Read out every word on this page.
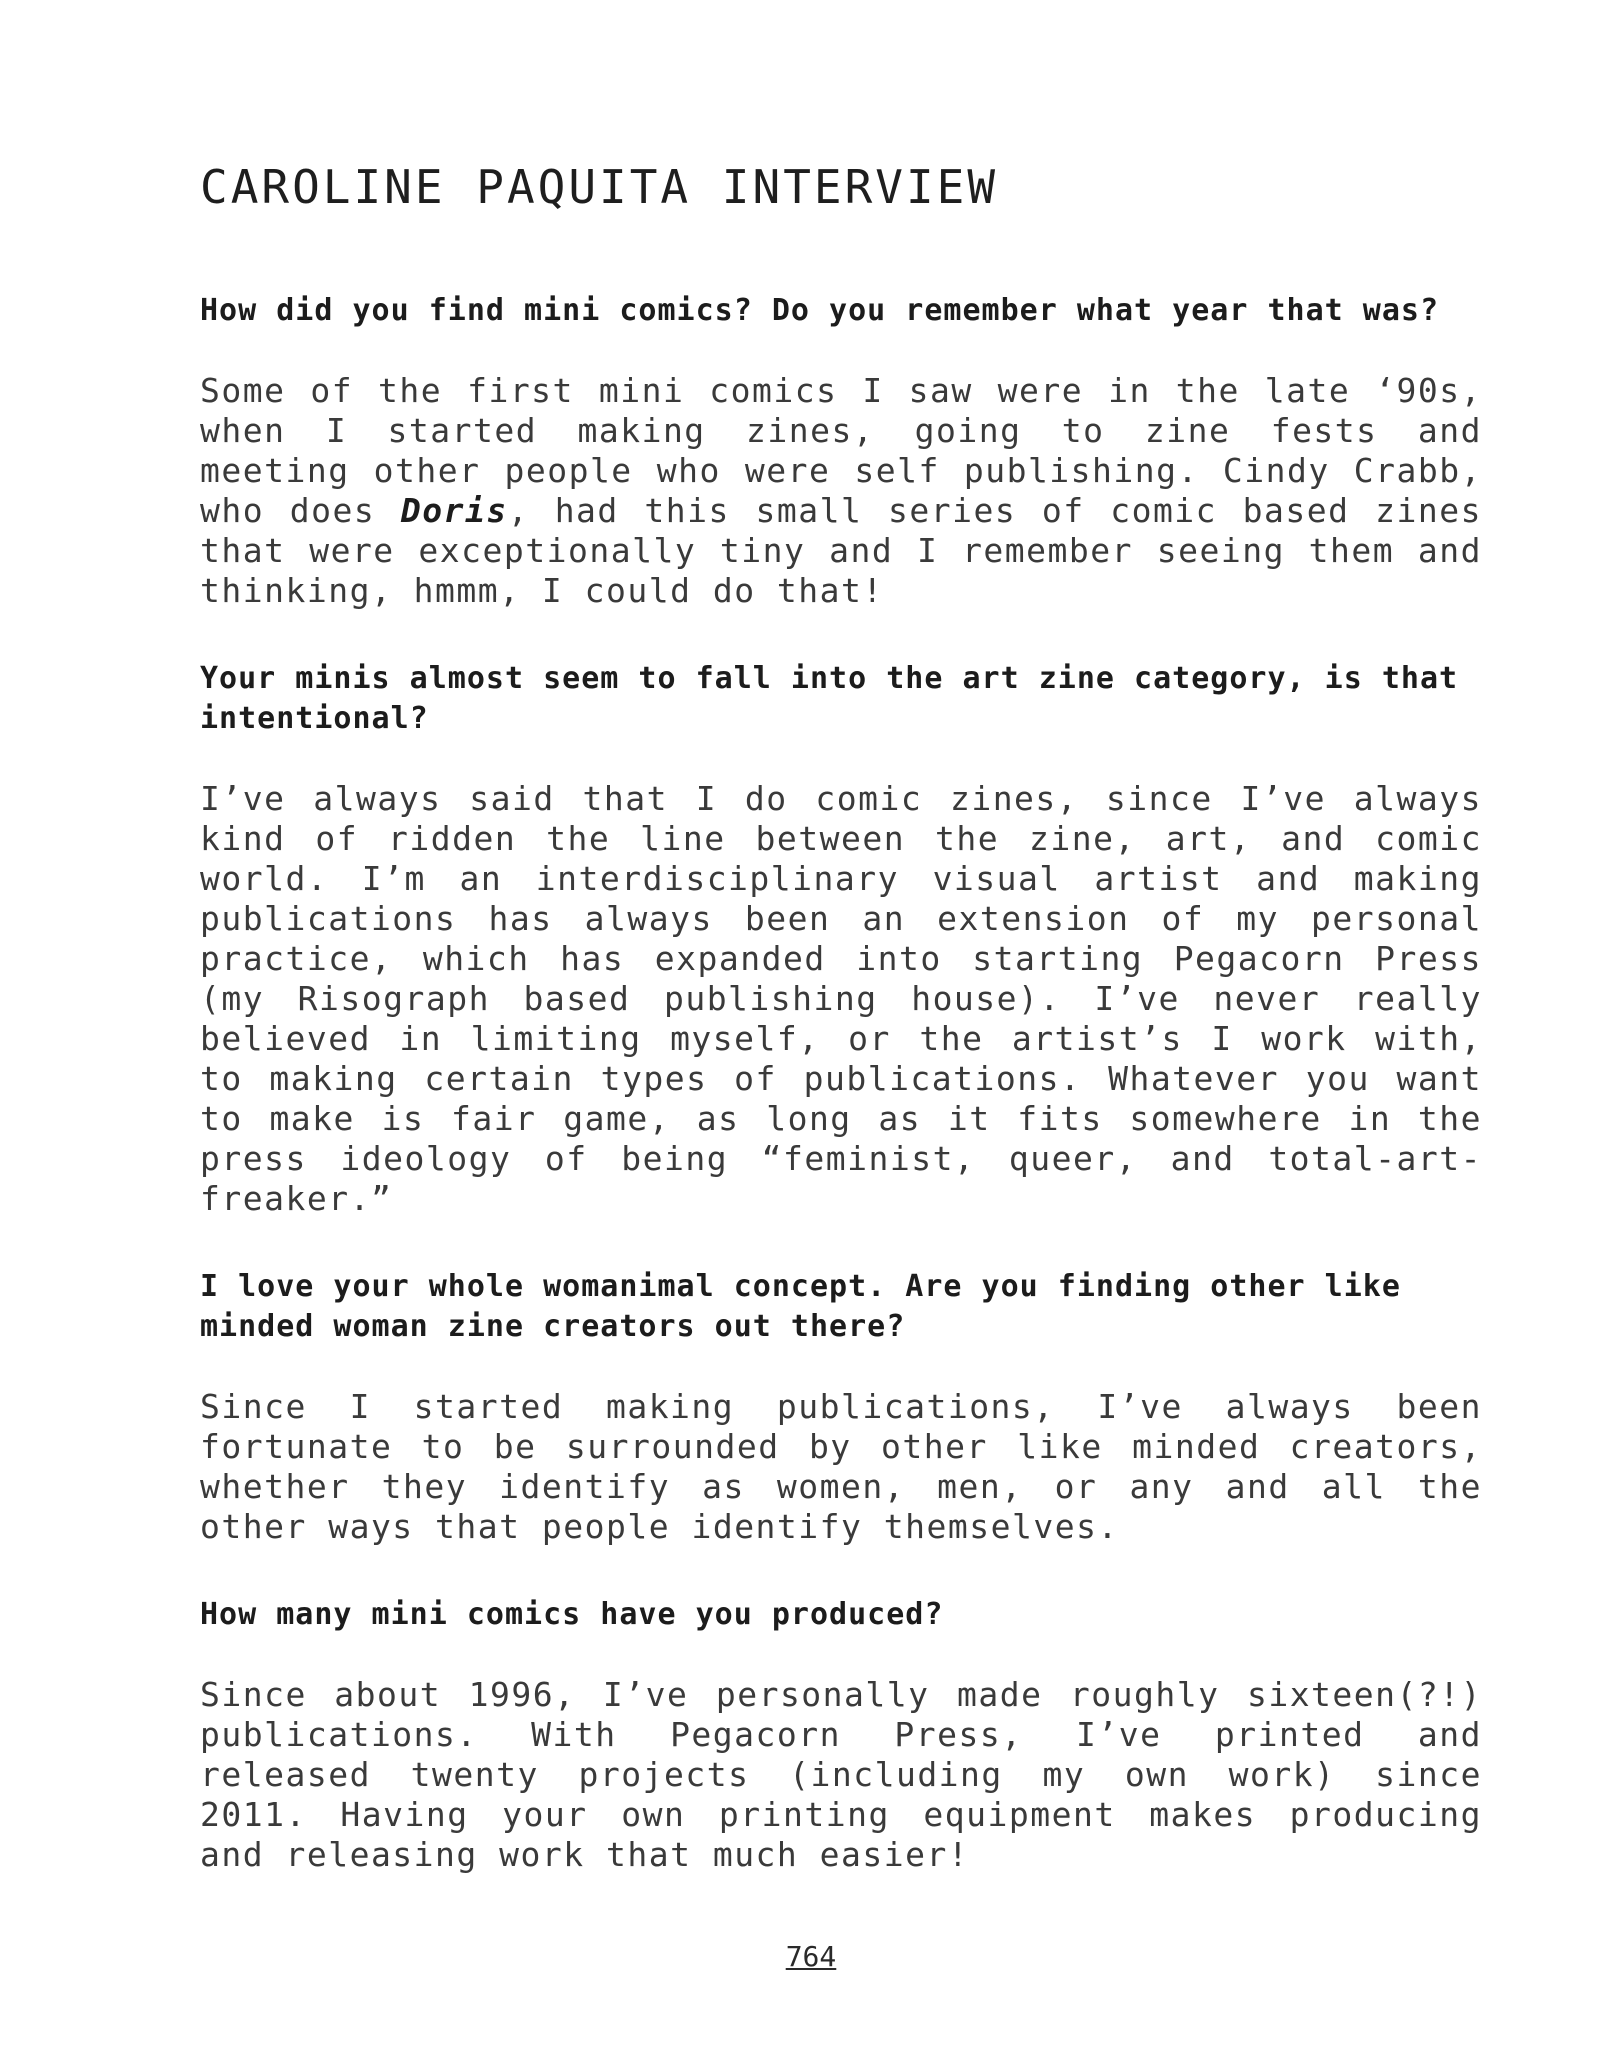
CAROLINE PAQUITA INTERVIEW

How did you find mini comics? Do you remember what year that was?

Some of the first mini comics I saw were in the late ‘90s, when I started making zines, going to zine fests and meeting other people who were self publishing. Cindy Crabb, who does Doris, had this small series of comic based zines that were exceptionally tiny and I remember seeing them and thinking, hmmm, I could do that!

Your minis almost seem to fall into the art zine category, is that intentional?

I’ve always said that I do comic zines, since I’ve always kind of ridden the line between the zine, art, and comic world. I’m an interdisciplinary visual artist and making publications has always been an extension of my personal practice, which has expanded into starting Pegacorn Press (my Risograph based publishing house). I’ve never really believed in limiting myself, or the artist’s I work with, to making certain types of publications. Whatever you want to make is fair game, as long as it fits somewhere in the press ideology of being “feminist, queer, and total-art-freaker.”

I love your whole womanimal concept. Are you finding other like minded woman zine creators out there?

Since I started making publications, I’ve always been fortunate to be surrounded by other like minded creators, whether they identify as women, men, or any and all the other ways that people identify themselves.

How many mini comics have you produced?

Since about 1996, I’ve personally made roughly sixteen(?!) publications. With Pegacorn Press, I’ve printed and released twenty projects (including my own work) since 2011. Having your own printing equipment makes producing and releasing work that much easier!

764
